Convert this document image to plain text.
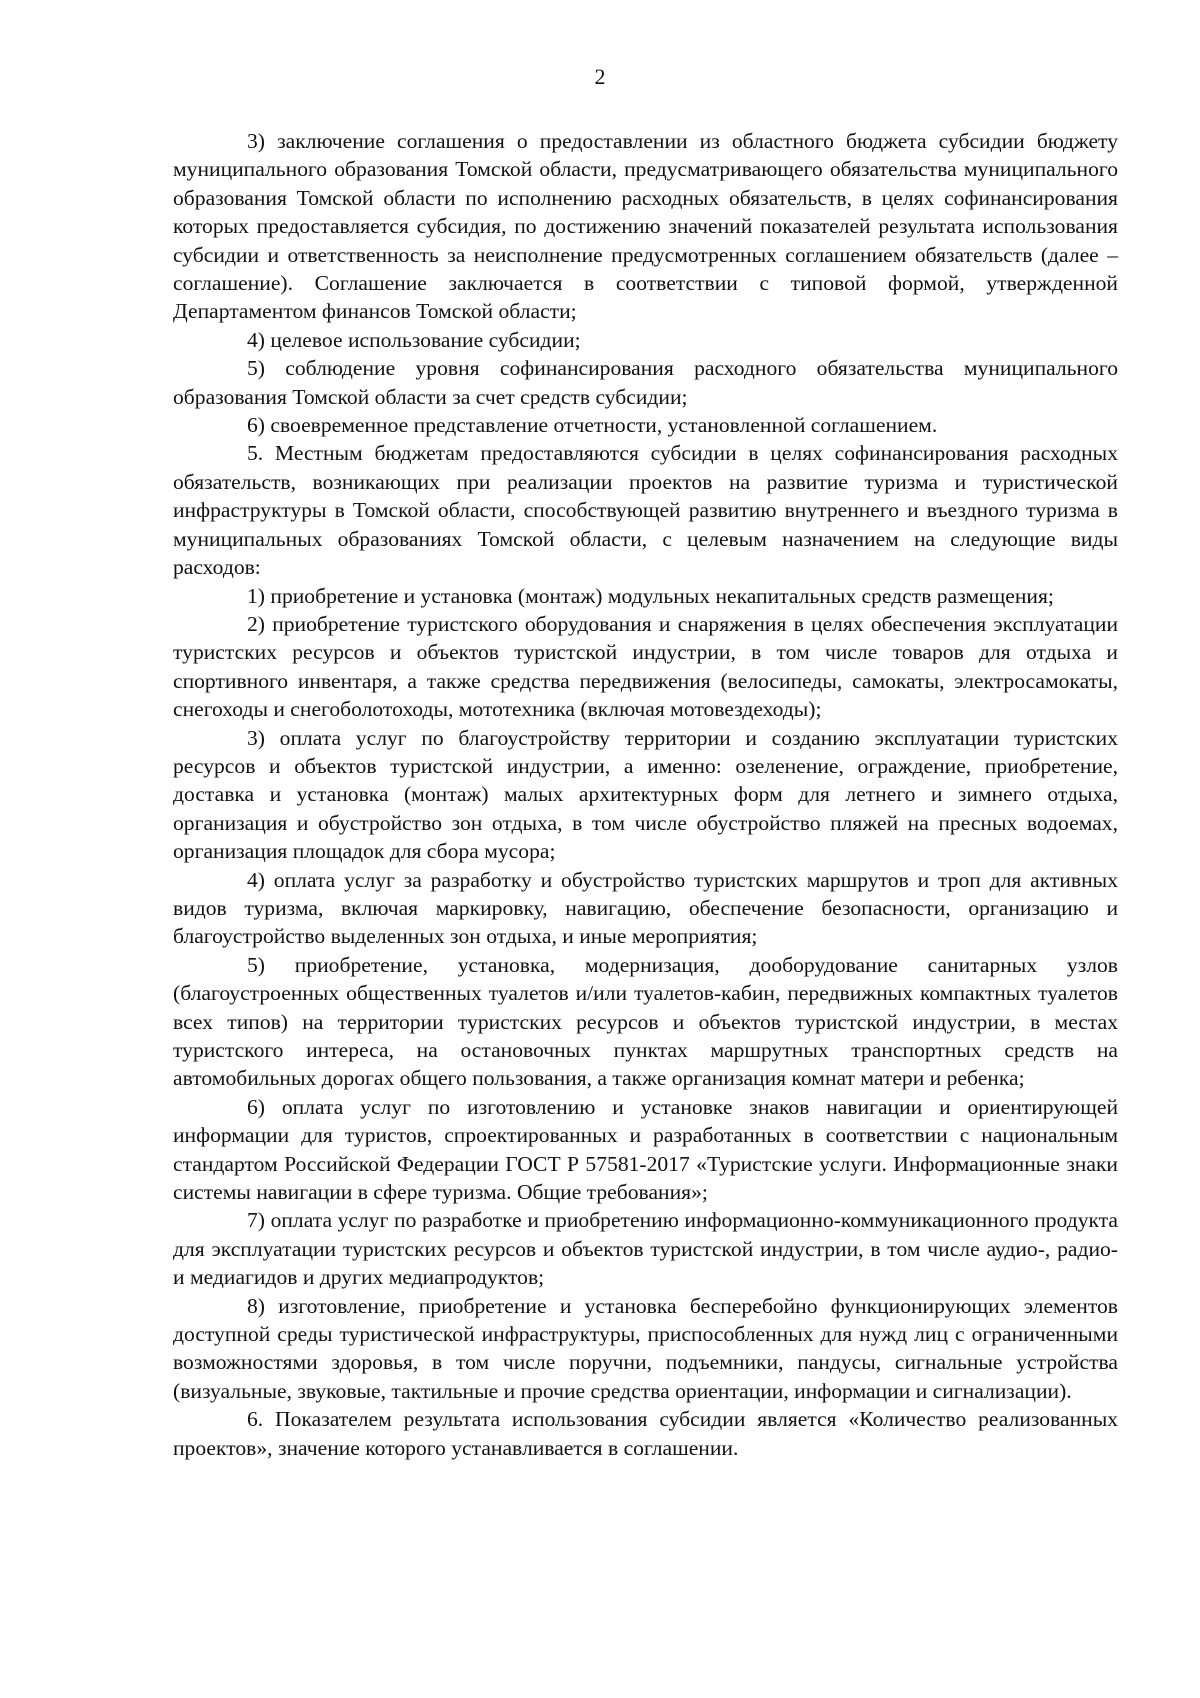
2

3) заключение соглашения о предоставлении из областного бюджета субсидии бюджету муниципального образования Томской области, предусматривающего обязательства муниципального образования Томской области по исполнению расходных обязательств, в целях софинансирования которых предоставляется субсидия, по достижению значений показателей результата использования субсидии и ответственность за неисполнение предусмотренных соглашением обязательств (далее – соглашение). Соглашение заключается в соответствии с типовой формой, утвержденной Департаментом финансов Томской области;

4) целевое использование субсидии;

5) соблюдение уровня софинансирования расходного обязательства муниципального образования Томской области за счет средств субсидии;

6) своевременное представление отчетности, установленной соглашением.

5. Местным бюджетам предоставляются субсидии в целях софинансирования расходных обязательств, возникающих при реализации проектов на развитие туризма и туристической инфраструктуры в Томской области, способствующей развитию внутреннего и въездного туризма в муниципальных образованиях Томской области, с целевым назначением на следующие виды расходов:

1) приобретение и установка (монтаж) модульных некапитальных средств размещения;

2) приобретение туристского оборудования и снаряжения в целях обеспечения эксплуатации туристских ресурсов и объектов туристской индустрии, в том числе товаров для отдыха и спортивного инвентаря, а также средства передвижения (велосипеды, самокаты, электросамокаты, снегоходы и снегоболотоходы, мототехника (включая мотовездеходы);

3) оплата услуг по благоустройству территории и созданию эксплуатации туристских ресурсов и объектов туристской индустрии, а именно: озеленение, ограждение, приобретение, доставка и установка (монтаж) малых архитектурных форм для летнего и зимнего отдыха, организация и обустройство зон отдыха, в том числе обустройство пляжей на пресных водоемах, организация площадок для сбора мусора;

4) оплата услуг за разработку и обустройство туристских маршрутов и троп для активных видов туризма, включая маркировку, навигацию, обеспечение безопасности, организацию и благоустройство выделенных зон отдыха, и иные мероприятия;

5) приобретение, установка, модернизация, дооборудование санитарных узлов (благоустроенных общественных туалетов и/или туалетов-кабин, передвижных компактных туалетов всех типов) на территории туристских ресурсов и объектов туристской индустрии, в местах туристского интереса, на остановочных пунктах маршрутных транспортных средств на автомобильных дорогах общего пользования, а также организация комнат матери и ребенка;

6) оплата услуг по изготовлению и установке знаков навигации и ориентирующей информации для туристов, спроектированных и разработанных в соответствии с национальным стандартом Российской Федерации ГОСТ Р 57581-2017 «Туристские услуги. Информационные знаки системы навигации в сфере туризма. Общие требования»;

7) оплата услуг по разработке и приобретению информационно-коммуникационного продукта для эксплуатации туристских ресурсов и объектов туристской индустрии, в том числе аудио-, радио- и медиагидов и других медиапродуктов;

8) изготовление, приобретение и установка бесперебойно функционирующих элементов доступной среды туристической инфраструктуры, приспособленных для нужд лиц с ограниченными возможностями здоровья, в том числе поручни, подъемники, пандусы, сигнальные устройства (визуальные, звуковые, тактильные и прочие средства ориентации, информации и сигнализации).

6. Показателем результата использования субсидии является «Количество реализованных проектов», значение которого устанавливается в соглашении.
